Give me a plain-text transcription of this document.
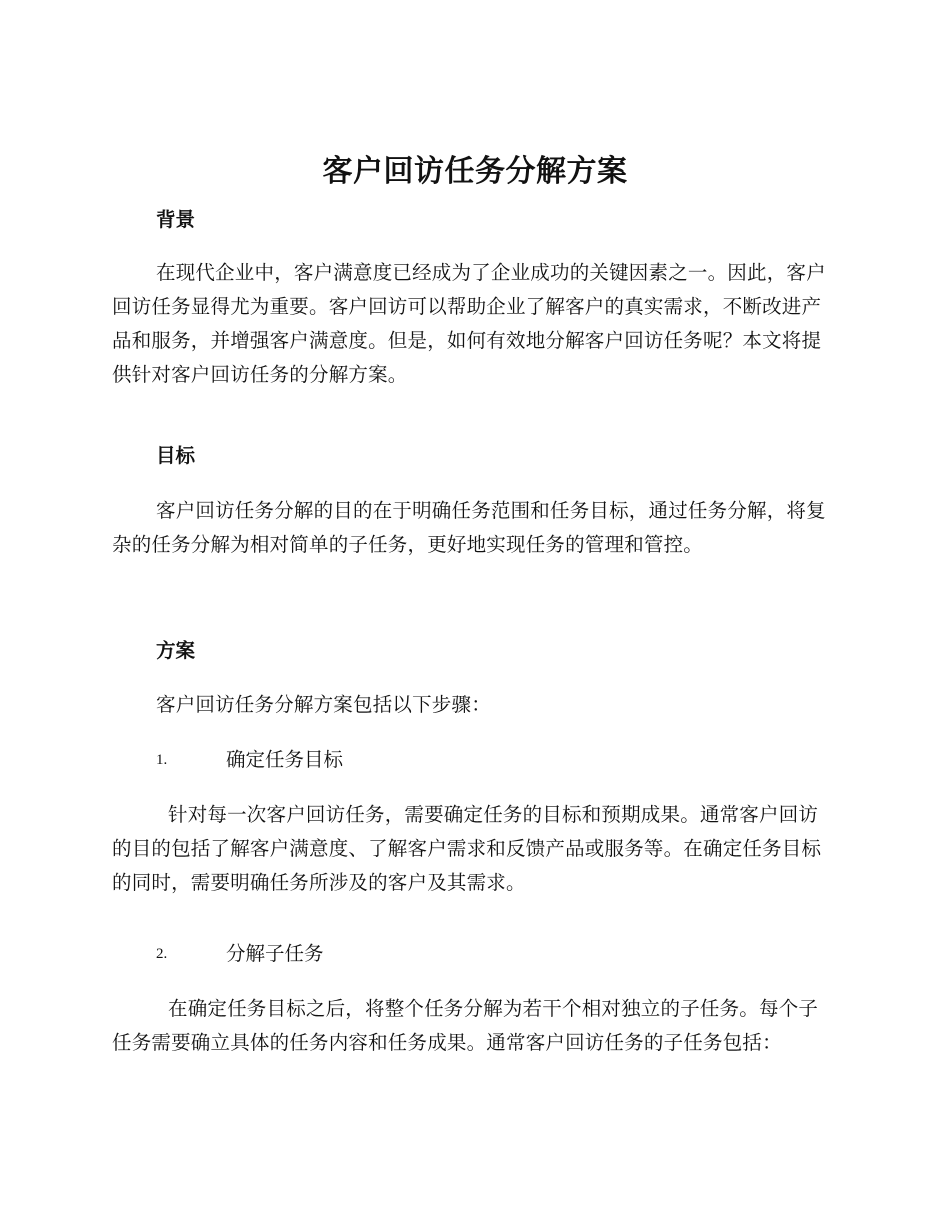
客户回访任务分解方案
背景

在现代企业中，客户满意度已经成为了企业成功的关键因素之一。因此，客户回访任务显得尤为重要。客户回访可以帮助企业了解客户的真实需求，不断改进产品和服务，并增强客户满意度。但是，如何有效地分解客户回访任务呢？本文将提供针对客户回访任务的分解方案。

目标

客户回访任务分解的目的在于明确任务范围和任务目标，通过任务分解，将复杂的任务分解为相对简单的子任务，更好地实现任务的管理和管控。

方案

客户回访任务分解方案包括以下步骤：

1.	确定任务目标

针对每一次客户回访任务，需要确定任务的目标和预期成果。通常客户回访的目的包括了解客户满意度、了解客户需求和反馈产品或服务等。在确定任务目标的同时，需要明确任务所涉及的客户及其需求。

2.	分解子任务

在确定任务目标之后，将整个任务分解为若干个相对独立的子任务。每个子任务需要确立具体的任务内容和任务成果。通常客户回访任务的子任务包括：
